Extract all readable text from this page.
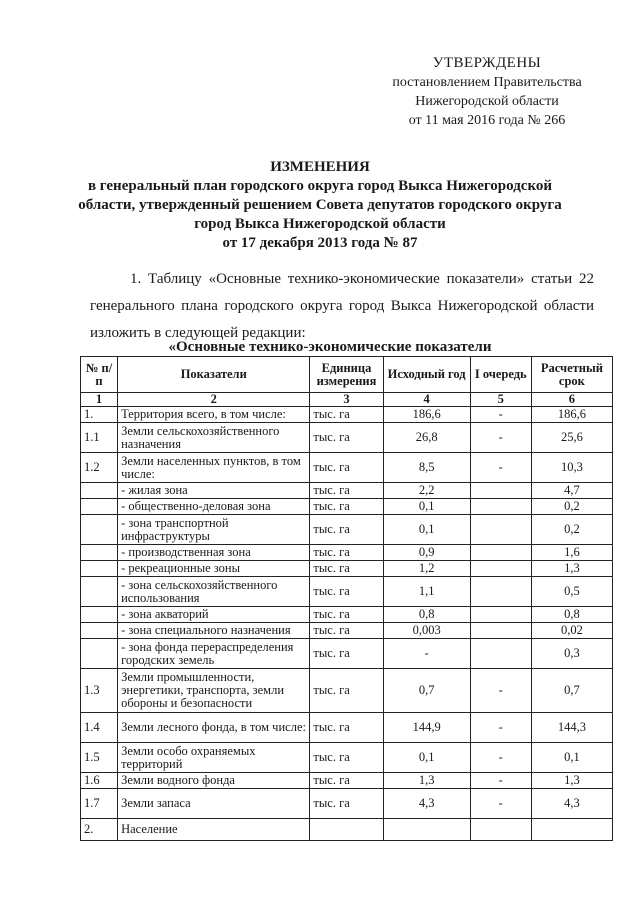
УТВЕРЖДЕНЫ
постановлением Правительства
Нижегородской области
от 11 мая 2016 года № 266
ИЗМЕНЕНИЯ
в генеральный план городского округа город Выкса Нижегородской
области, утвержденный решением Совета депутатов городского округа
город Выкса Нижегородской области
от 17 декабря 2013 года № 87
1. Таблицу «Основные технико-экономические показатели» статьи 22 генерального плана городского округа город Выкса Нижегородской области изложить в следующей редакции:
«Основные технико-экономические показатели
№ п/п	Показатели	Единица измерения	Исходный год	I очередь	Расчетный срок
1	2	3	4	5	6
1.	Территория всего, в том числе:	тыс. га	186,6	-	186,6
1.1	Земли сельскохозяйственного назначения	тыс. га	26,8	-	25,6
1.2	Земли населенных пунктов, в том числе:	тыс. га	8,5	-	10,3
	- жилая зона	тыс. га	2,2		4,7
	- общественно-деловая зона	тыс. га	0,1		0,2
	- зона транспортной инфраструктуры	тыс. га	0,1		0,2
	- производственная зона	тыс. га	0,9		1,6
	- рекреационные зоны	тыс. га	1,2		1,3
	- зона сельскохозяйственного использования	тыс. га	1,1		0,5
	- зона акваторий	тыс. га	0,8		0,8
	- зона специального назначения	тыс. га	0,003		0,02
	- зона фонда перераспределения городских земель	тыс. га	-		0,3
1.3	Земли промышленности, энергетики, транспорта, земли обороны и безопасности	тыс. га	0,7	-	0,7
1.4	Земли лесного фонда, в том числе:	тыс. га	144,9	-	144,3
1.5	Земли особо охраняемых территорий	тыс. га	0,1	-	0,1
1.6	Земли водного фонда	тыс. га	1,3	-	1,3
1.7	Земли запаса	тыс. га	4,3	-	4,3
2.	Население				
